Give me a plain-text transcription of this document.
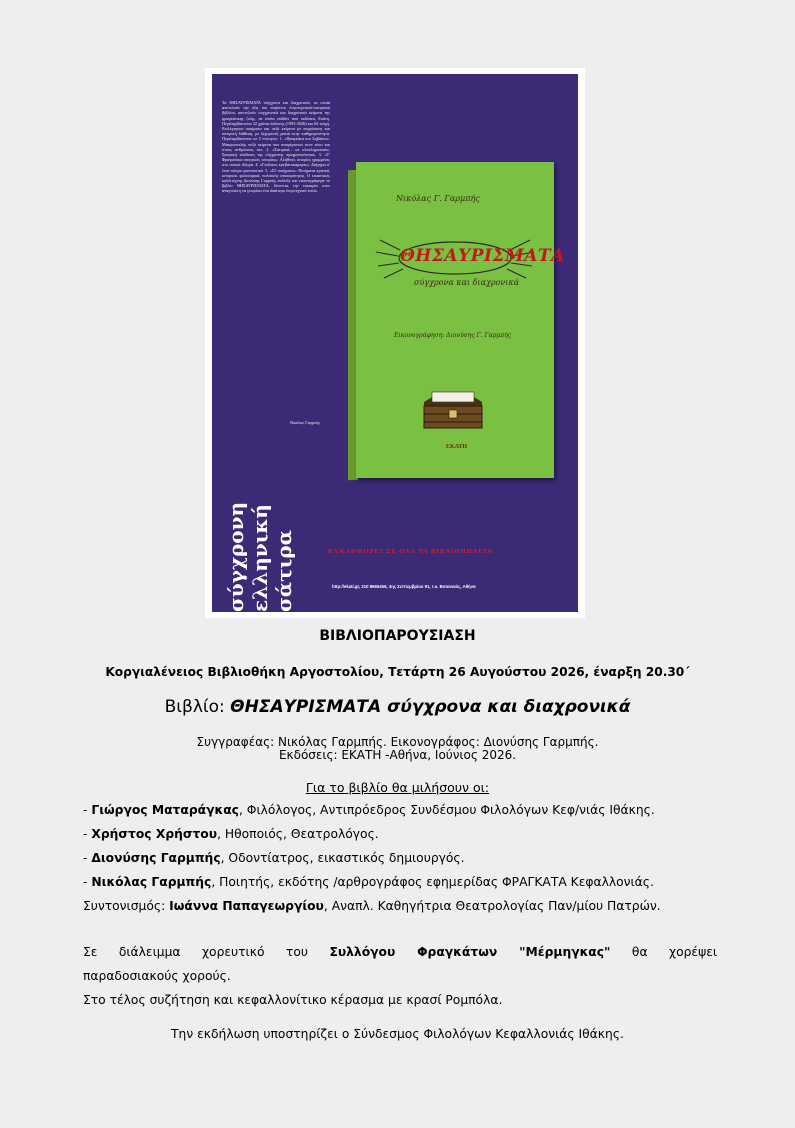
Τα ΘΗΣΑΥΡΙΣΜΑΤΑ σύγχρονα και διαχρονικά, τα οποία αποτελούν την ύλη του παρόντος λογοτεχνικού-σατιρικού βιβλίου, αποτελούν συγχρονικά και διαχρονικά κείμενα της φραγκάτικης ζωής, τα οποία εκδίδει από εκδόσεις Εκάτη. Περιλαμβάνονται 32 χρόνια έκδοσης (1993-2026) και 64 τεύχη. Επιλέχτηκαν ποιήματα και πεζά κείμενα με ευφρόσυνη και σατιρική διάθεση, με ξεχωριστή ματιά στην καθημερινότητα. Περιλαμβάνονται σε 5 ενότητες: 1. «Φραγκάτα και Σηβάσαι»: Μακροσκελής πεζά κείμενα που αναφέρονται στον τόπο και στους ανθρώπους του. 2. «Σατιρικά... σε ολοκληρωτικά»: Σατιρική απόδοση της σύγχρονης πραγματικότητας. 3. «Τ' Φραγκάτικα ποιητικές ιστορίες»: Αληθινές ιστορίες γραμμένες στο τοπικό ιδίωμα. 4. «Γνώλικες κρεβατοκαμαρες»: Διήγημα σ' έναν κόσμο φανταστικό. 5. «Σ5 ποιήματα»: Ποιήματα κριτικά, ιστορικά, φιλοσοφικά, πολιτικής επικαιρότητας. Ο εικαστικός καλλιτέχνης Διονύσης Γαρμπής επέλεξε και εικονογράφησε το βιβλίο ΘΗΣΑΥΡΙΣΜΑΤΑ, δίνοντας την ευκαιρία στον αναγνώστη να γνωρίσει ένα ιδιαίτερο λογοτεχνικό τοπίο.
Νικόλας Γαρμπής
σύγχρονη ελληνική σάτιρα
Νικόλας Γ. Γαρμπής
ΘΗΣΑΥΡΙΣΜΑΤΑ
σύγχρονα και διαχρονικά
Εικονογράφηση: Διονύσης Γ. Γαρμπής
ΕΚΑΤΗ
ΚΥΚΛΟΦΟΡΕΙ ΣΕ ΟΛΑ ΤΑ ΒΙΒΛΙΟΠΩΛΕΙΑ
http://ekati.gr, 210 8665456, 3ης Σεπτεμβρίου 91, τ.κ. Βοτανικός, Αθήνα
ΒΙΒΛΙΟΠΑΡΟΥΣΙΑΣΗ
Κοργιαλένειος Βιβλιοθήκη Αργοστολίου, Τετάρτη 26 Αυγούστου 2026, έναρξη 20.30΄
Βιβλίο: ΘΗΣΑΥΡΙΣΜΑΤΑ σύγχρονα και διαχρονικά
Συγγραφέας: Νικόλας Γαρμπής. Εικονογράφος: Διονύσης Γαρμπής.
Εκδόσεις: ΕΚΑΤΗ -Αθήνα, Ιούνιος 2026.
Για το βιβλίο θα μιλήσουν οι:
- Γιώργος Ματαράγκας, Φιλόλογος, Αντιπρόεδρος Συνδέσμου Φιλολόγων Κεφ/νιάς Ιθάκης.
- Χρήστος Χρήστου, Ηθοποιός, Θεατρολόγος.
- Διονύσης Γαρμπής, Οδοντίατρος, εικαστικός δημιουργός.
- Νικόλας Γαρμπής, Ποιητής, εκδότης /αρθρογράφος εφημερίδας ΦΡΑΓΚΑΤΑ Κεφαλλονιάς.
Συντονισμός: Ιωάννα Παπαγεωργίου, Αναπλ. Καθηγήτρια Θεατρολογίας Παν/μίου Πατρών.
Σε διάλειμμα χορευτικό του Συλλόγου Φραγκάτων "Μέρμηγκας" θα χορέψει
παραδοσιακούς χορούς.
Στο τέλος συζήτηση και κεφαλλονίτικο κέρασμα με κρασί Ρομπόλα.
Την εκδήλωση υποστηρίζει ο Σύνδεσμος Φιλολόγων Κεφαλλονιάς Ιθάκης.
